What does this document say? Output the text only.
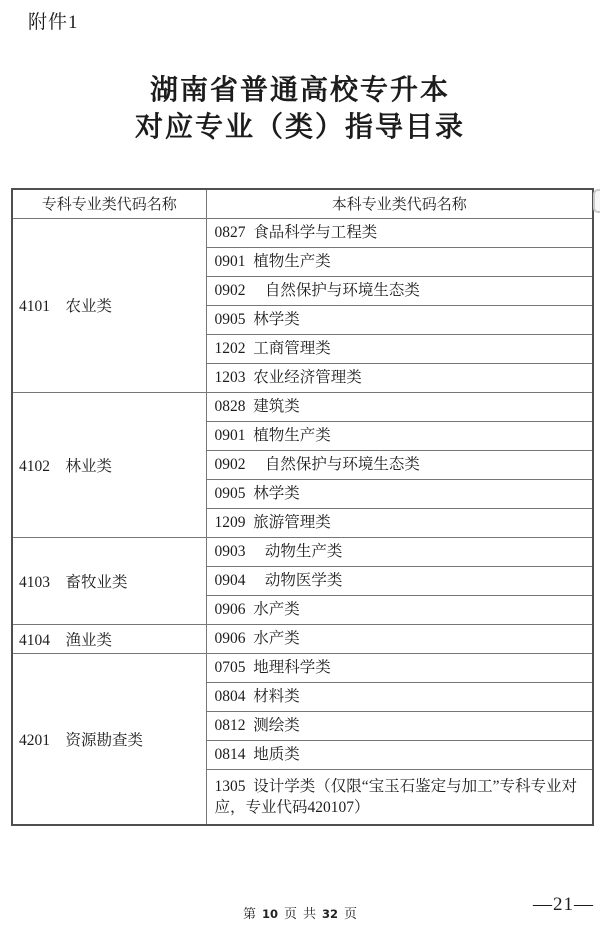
附件1
湖南省普通高校专升本
对应专业（类）指导目录
专科专业类代码名称	本科专业类代码名称
4101　农业类	0827  食品科学与工程类
	0901  植物生产类
	0902　 自然保护与环境生态类
	0905  林学类
	1202  工商管理类
	1203  农业经济管理类
4102　林业类	0828  建筑类
	0901  植物生产类
	0902　 自然保护与环境生态类
	0905  林学类
	1209  旅游管理类
4103　畜牧业类	0903　 动物生产类
	0904　 动物医学类
	0906  水产类
4104　渔业类	0906  水产类
4201　资源勘查类	0705  地理科学类
	0804  材料类
	0812  测绘类
	0814  地质类
	1305  设计学类（仅限“宝玉石鉴定与加工”专科专业对应，专业代码420107）
第 10 页 共 32 页	—21—
